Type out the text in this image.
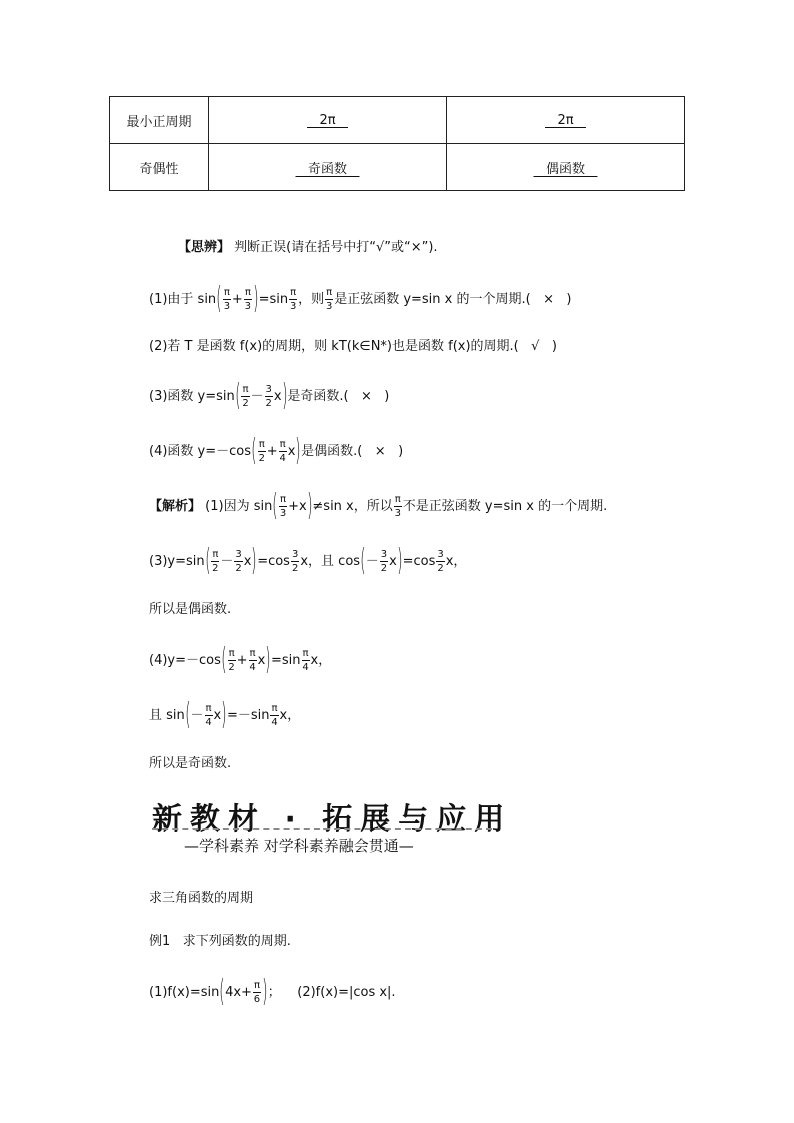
最小正周期	2π	2π
奇偶性	奇函数	偶函数
【思辨】
判断正误(请在括号中打“√”或“×”).
(1)由于 sin ( $\frac{\pi}{3} + \frac{\pi}{3}$ ) $=\sin \frac{\pi}{3}$ ，则 $\frac{\pi}{3}$ 是正弦函数 y=sin x 的一个周期.(
×
)
(2)若 T 是函数 f(x)的周期，则 kT(k∈N*)也是函数 f(x)的周期.(
√
)
(3)函数 y=sin ( $\frac{\pi}{2} - \frac{3}{2}$ x ) 是奇函数.(
×
)
(4)函数 y=－cos ( $\frac{\pi}{2} + \frac{\pi}{4}$ x ) 是偶函数.(
×
)
【解析】
(1)因为 sin ( $\frac{\pi}{3} + x$ ) ≠sin x，所以 $\frac{\pi}{3}$ 不是正弦函数 y=sin x 的一个周期.
(3)y=sin ( $\frac{\pi}{2} - \frac{3}{2}$ x ) $=\cos \frac{3}{2}$ x，且 cos ( － $\frac{3}{2}$ x ) $=\cos \frac{3}{2}$ x，
所以是偶函数.
(4)y=－cos ( $\frac{\pi}{2} + \frac{\pi}{4}$ x ) $=\sin \frac{\pi}{4}$ x，
且 sin ( － $\frac{\pi}{4}$ x ) $=-\sin \frac{\pi}{4}$ x，
所以是奇函数.
新教材 · 拓展与应用
—学科素养 对学科素养融会贯通—
求三角函数的周期
例1
求下列函数的周期.
(1)f(x)=sin ( $4x + \frac{\pi}{6}$ ) ；
(2)f(x)=|cos x|.
